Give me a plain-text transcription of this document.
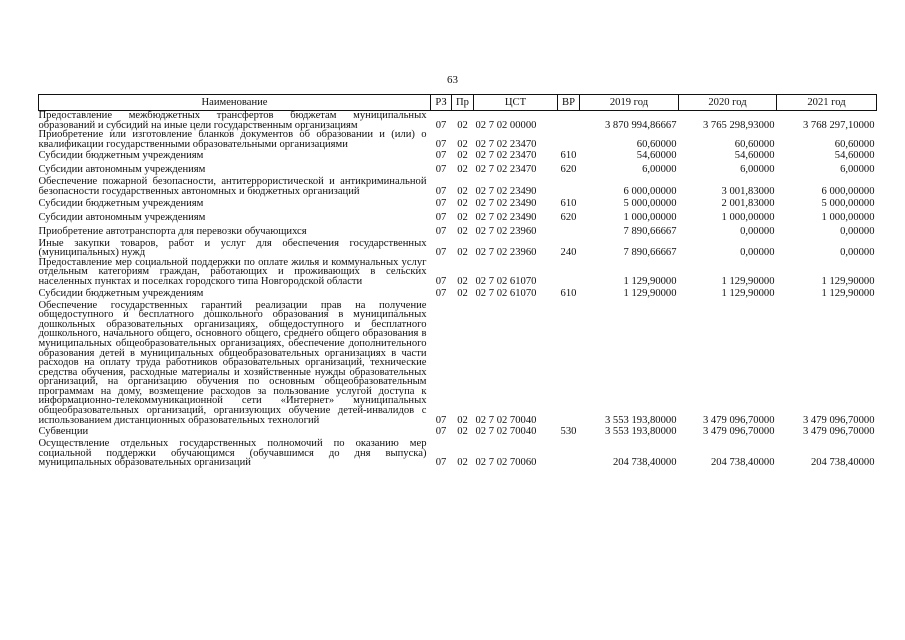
63
Наименование	РЗ	Пр	ЦСТ	ВР	2019 год	2020 год	2021 год
Предоставление межбюджетных трансфертов бюджетам муниципальных образований и субсидий на иные цели государственным организациям	07	02	02 7 02 00000		3 870 994,86667	3 765 298,93000	3 768 297,10000
Приобретение или изготовление бланков документов об образовании и (или) о квалификации государственными образовательными организациями	07	02	02 7 02 23470		60,60000	60,60000	60,60000
Субсидии бюджетным учреждениям	07	02	02 7 02 23470	610	54,60000	54,60000	54,60000
Субсидии автономным учреждениям	07	02	02 7 02 23470	620	6,00000	6,00000	6,00000
Обеспечение пожарной безопасности, антитеррористической и антикриминальной безопасности государственных автономных и бюджетных организаций	07	02	02 7 02 23490		6 000,00000	3 001,83000	6 000,00000
Субсидии бюджетным учреждениям	07	02	02 7 02 23490	610	5 000,00000	2 001,83000	5 000,00000
Субсидии автономным учреждениям	07	02	02 7 02 23490	620	1 000,00000	1 000,00000	1 000,00000
Приобретение автотранспорта для перевозки обучающихся	07	02	02 7 02 23960		7 890,66667	0,00000	0,00000
Иные закупки товаров, работ и услуг для обеспечения государственных (муниципальных) нужд	07	02	02 7 02 23960	240	7 890,66667	0,00000	0,00000
Предоставление мер социальной поддержки по оплате жилья и коммунальных услуг отдельным категориям граждан, работающих и проживающих в сельских населенных пунктах и поселках городского типа Новгородской области	07	02	02 7 02 61070		1 129,90000	1 129,90000	1 129,90000
Субсидии бюджетным учреждениям	07	02	02 7 02 61070	610	1 129,90000	1 129,90000	1 129,90000
Обеспечение государственных гарантий реализации прав на получение общедоступного и бесплатного дошкольного образования в муниципальных дошкольных образовательных организациях, общедоступного и бесплатного дошкольного, начального общего, основного общего, среднего общего образования в муниципальных общеобразовательных организациях, обеспечение дополнительного образования детей в муниципальных общеобразовательных организациях в части расходов на оплату труда работников образовательных организаций, технические средства обучения, расходные материалы и хозяйственные нужды образовательных организаций, на организацию обучения по основным общеобразовательным программам на дому, возмещение расходов за пользование услугой доступа к информационно-телекоммуникационной сети «Интернет» муниципальных общеобразовательных организаций, организующих обучение детей-инвалидов с использованием дистанционных образовательных технологий	07	02	02 7 02 70040		3 553 193,80000	3 479 096,70000	3 479 096,70000
Субвенции	07	02	02 7 02 70040	530	3 553 193,80000	3 479 096,70000	3 479 096,70000
Осуществление отдельных государственных полномочий по оказанию мер социальной поддержки обучающимся (обучавшимся до дня выпуска) муниципальных образовательных организаций	07	02	02 7 02 70060		204 738,40000	204 738,40000	204 738,40000
